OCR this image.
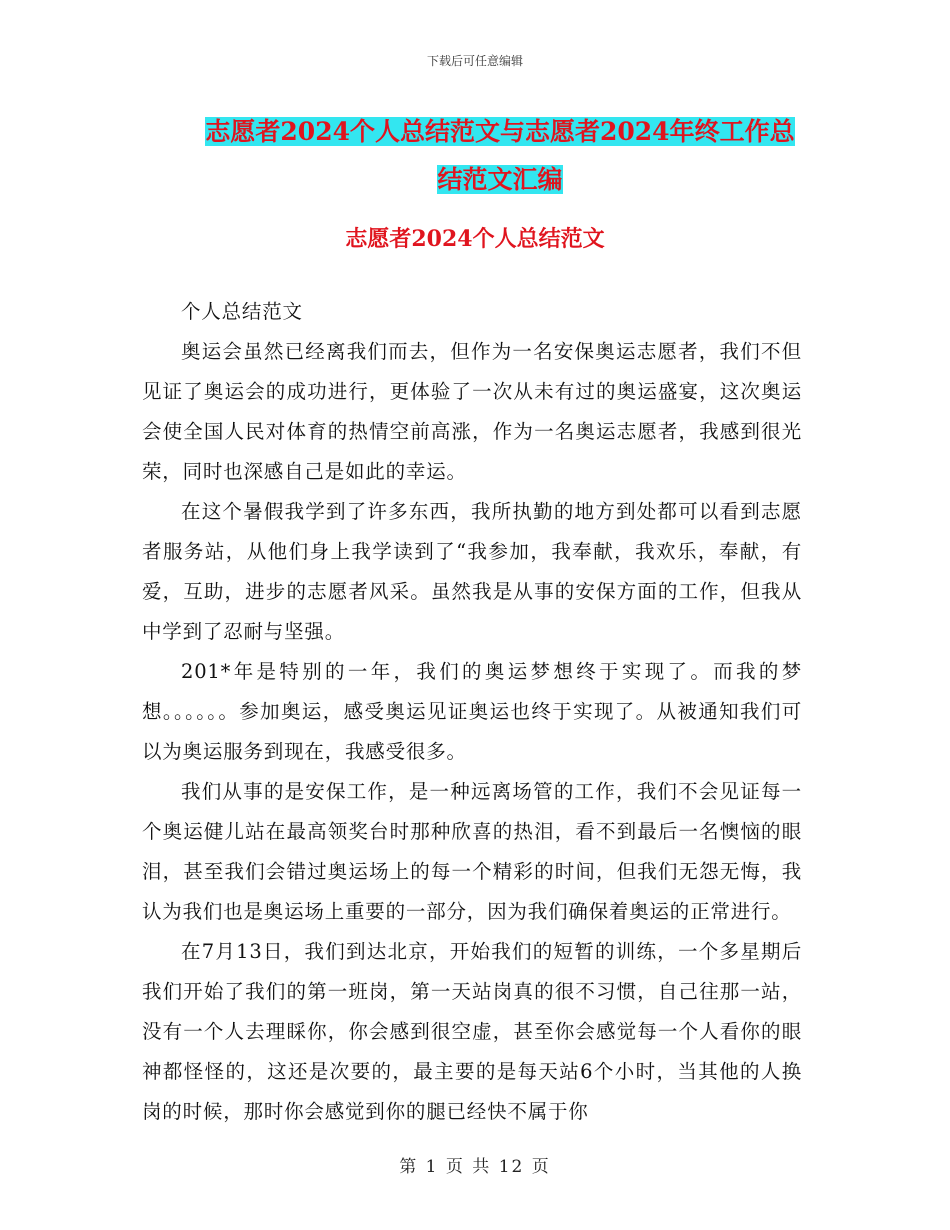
下载后可任意编辑
志愿者2024个人总结范文与志愿者2024年终工作总
结范文汇编
志愿者2024个人总结范文

个人总结范文

奥运会虽然已经离我们而去，但作为一名安保奥运志愿者，我们不但见证了奥运会的成功进行，更体验了一次从未有过的奥运盛宴，这次奥运会使全国人民对体育的热情空前高涨，作为一名奥运志愿者，我感到很光荣，同时也深感自己是如此的幸运。

在这个暑假我学到了许多东西，我所执勤的地方到处都可以看到志愿者服务站，从他们身上我学读到了“我参加，我奉献，我欢乐，奉献，有爱，互助，进步的志愿者风采。虽然我是从事的安保方面的工作，但我从中学到了忍耐与坚强。

201*年是特别的一年，我们的奥运梦想终于实现了。而我的梦想。。。。。。参加奥运，感受奥运见证奥运也终于实现了。从被通知我们可以为奥运服务到现在，我感受很多。

我们从事的是安保工作，是一种远离场管的工作，我们不会见证每一个奥运健儿站在最高领奖台时那种欣喜的热泪，看不到最后一名懊恼的眼泪，甚至我们会错过奥运场上的每一个精彩的时间，但我们无怨无悔，我认为我们也是奥运场上重要的一部分，因为我们确保着奥运的正常进行。

在7月13日，我们到达北京，开始我们的短暂的训练，一个多星期后我们开始了我们的第一班岗，第一天站岗真的很不习惯，自己往那一站，没有一个人去理睬你，你会感到很空虚，甚至你会感觉每一个人看你的眼神都怪怪的，这还是次要的，最主要的是每天站6个小时，当其他的人换岗的时候，那时你会感觉到你的腿已经快不属于你

第 1 页 共 12 页
